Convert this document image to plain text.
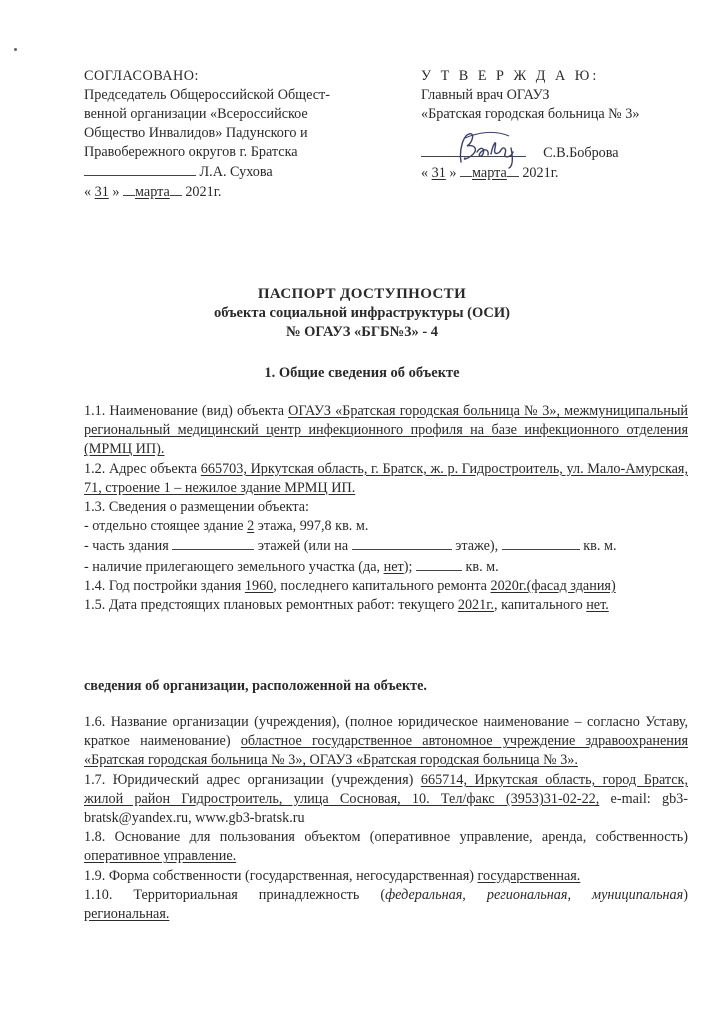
СОГЛАСОВАНО:
Председатель Общероссийской Общест-
венной организации «Всероссийское
Общество Инвалидов» Падунского и
Правобережного округов г. Братска
Л.А. Сухова
« 31 » марта 2021г.
У Т В Е Р Ж Д А Ю:
Главный врач ОГАУЗ
«Братская городская больница № 3»
С.В.Боброва
« 31 » марта 2021г.
ПАСПОРТ ДОСТУПНОСТИ
объекта социальной инфраструктуры (ОСИ)
№ ОГАУЗ «БГБ№3» - 4
1. Общие сведения об объекте

1.1. Наименование (вид) объекта ОГАУЗ «Братская городская больница № 3», межмуниципальный региональный медицинский центр инфекционного профиля на базе инфекционного отделения (МРМЦ ИП).

1.2. Адрес объекта 665703, Иркутская область, г. Братск, ж. р. Гидростроитель, ул. Мало-Амурская, 71, строение 1 – нежилое здание МРМЦ ИП.

1.3. Сведения о размещении объекта:

- отдельно стоящее здание 2 этажа, 997,8 кв. м.

- часть здания	этажей (или на	этаже),	кв. м.

- наличие прилегающего земельного участка (да, нет);	кв. м.

1.4. Год постройки здания 1960, последнего капитального ремонта 2020г.(фасад здания)

1.5. Дата предстоящих плановых ремонтных работ: текущего 2021г., капитального нет.

сведения об организации, расположенной на объекте.

1.6. Название организации (учреждения), (полное юридическое наименование – согласно Уставу, краткое наименование) областное государственное автономное учреждение здравоохранения «Братская городская больница № 3», ОГАУЗ «Братская городская больница № 3».

1.7. Юридический адрес организации (учреждения) 665714, Иркутская область, город Братск, жилой район Гидростроитель, улица Сосновая, 10. Тел/факс (3953)31-02-22, e-mail: gb3-bratsk@yandex.ru, www.gb3-bratsk.ru

1.8. Основание для пользования объектом (оперативное управление, аренда, собственность) оперативное управление.

1.9. Форма собственности (государственная, негосударственная) государственная.

1.10. Территориальная принадлежность (федеральная, региональная, муниципальная) региональная.
